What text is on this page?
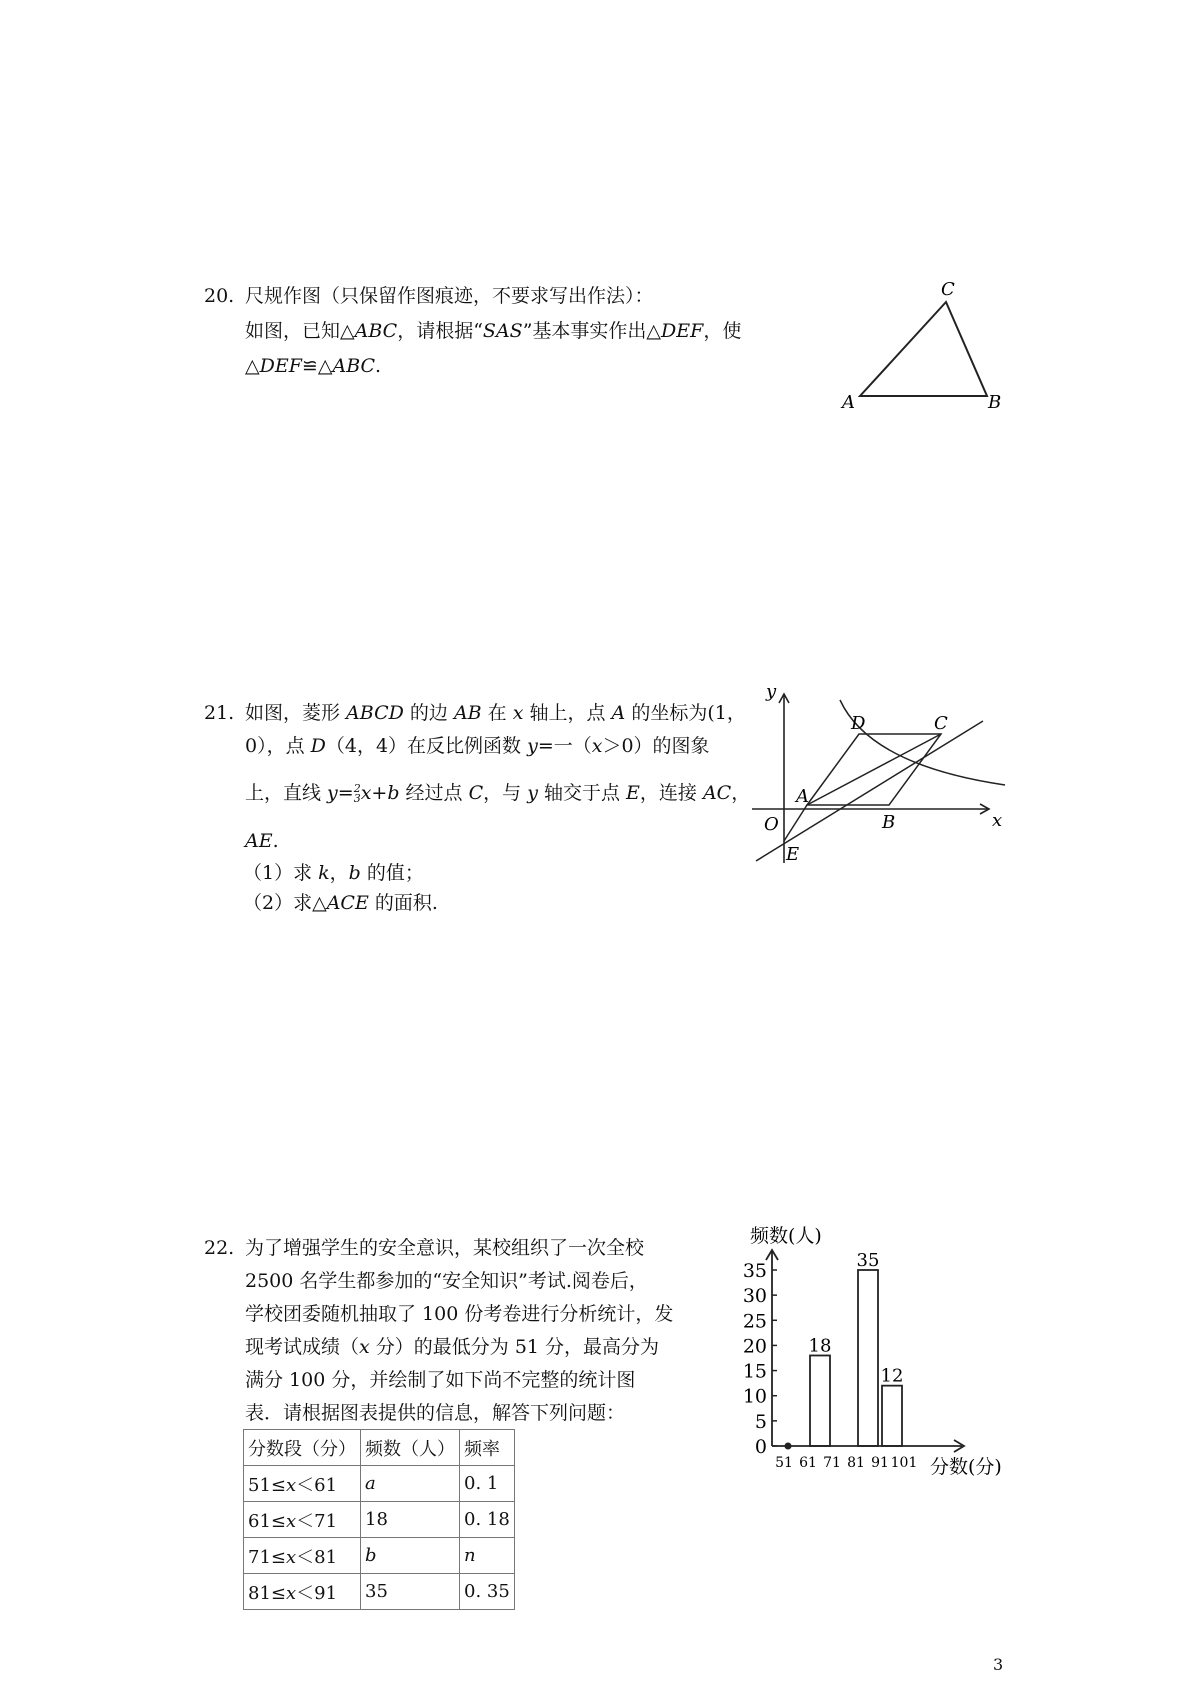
20. 尺规作图（只保留作图痕迹，不要求写出作法）：
如图，已知△ABC，请根据“SAS”基本事实作出△DEF，使
△DEF≌△ABC.
A	B
C
21. 如图，菱形 ABCD 的边 AB 在 x 轴上，点 A 的坐标为(1，
0），点 D（4，4）在反比例函数 y=一（x＞0）的图象
上，直线 y= 2
3 x+b 经过点 C，与 y 轴交于点 E，连接 AC，
AE.
（1）求 k，b 的值；
（2）求△ACE 的面积.
y
x
O
A
B
C
D
E
22. 为了增强学生的安全意识，某校组织了一次全校
2500 名学生都参加的“安全知识”考试.阅卷后，
学校团委随机抽取了 100 份考卷进行分析统计，发
现考试成绩（x 分）的最低分为 51 分，最高分为
满分 100 分，并绘制了如下尚不完整的统计图
表．请根据图表提供的信息，解答下列问题：
分数段（分）	频数（人）	频率
51≤x＜61	a	0. 1
61≤x＜71	18	0. 18
71≤x＜81	b	n
81≤x＜91	35	0. 35
频数(人)
分数(分)
0
5
10
15
20
25
30
35
51 61 71 81 91 101
18
35
12
3
